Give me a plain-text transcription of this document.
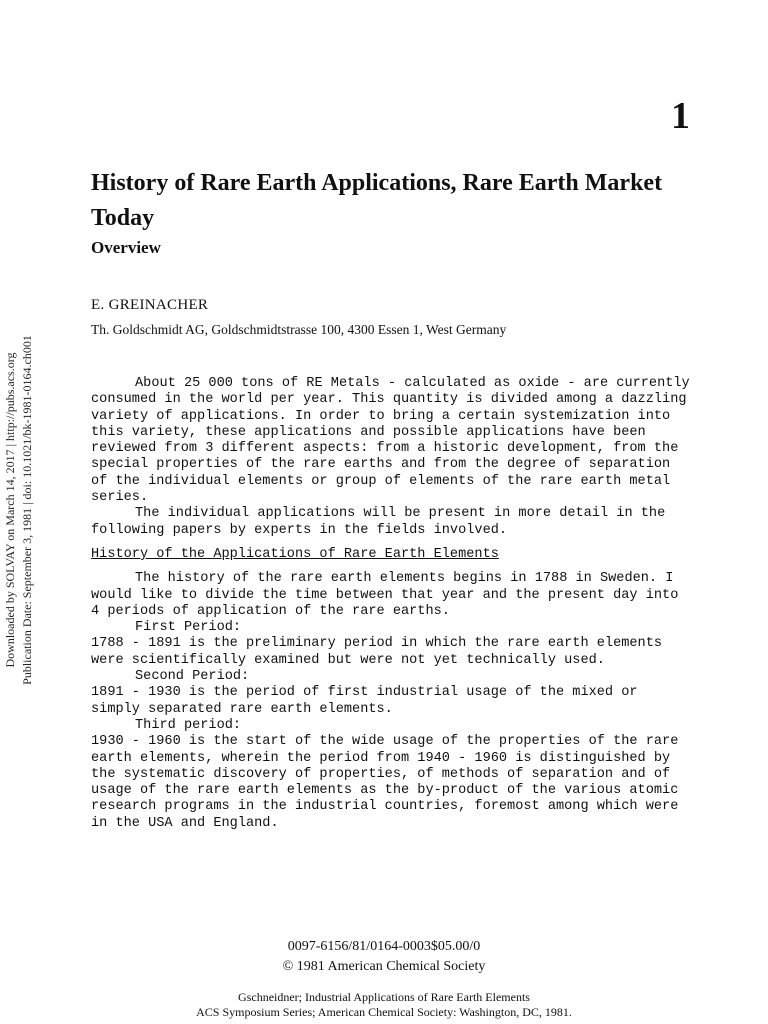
1
History of Rare Earth Applications, Rare Earth Market Today
Overview
E. GREINACHER
Th. Goldschmidt AG, Goldschmidtstrasse 100, 4300 Essen 1, West Germany
Downloaded by SOLVAY on March 14, 2017 | http://pubs.acs.org Publication Date: September 3, 1981 | doi: 10.1021/bk-1981-0164.ch001	About 25 000 tons of RE Metals - calculated as oxide - are currently consumed in the world per year. This quantity is divided among a dazzling variety of applications. In order to bring a certain systemization into this variety, these applications and possible applications have been reviewed from 3 different aspects: from a historic development, from the special properties of the rare earths and from the degree of separation of the individual elements or group of elements of the rare earth metal series.

The individual applications will be present in more detail in the following papers by experts in the fields involved.

History of the Applications of Rare Earth Elements

The history of the rare earth elements begins in 1788 in Sweden. I would like to divide the time between that year and the present day into 4 periods of application of the rare earths.

First Period:

1788 - 1891 is the preliminary period in which the rare earth elements were scientifically examined but were not yet technically used.

Second Period:

1891 - 1930 is the period of first industrial usage of the mixed or simply separated rare earth elements.

Third period:

1930 - 1960 is the start of the wide usage of the properties of the rare earth elements, wherein the period from 1940 - 1960 is distinguished by the systematic discovery of properties, of methods of separation and of usage of the rare earth elements as the by-product of the various atomic research programs in the industrial countries, foremost among which were in the USA and England.

0097-6156/81/0164-0003$05.00/0
© 1981 American Chemical Society
Gschneidner; Industrial Applications of Rare Earth Elements
ACS Symposium Series; American Chemical Society: Washington, DC, 1981.
